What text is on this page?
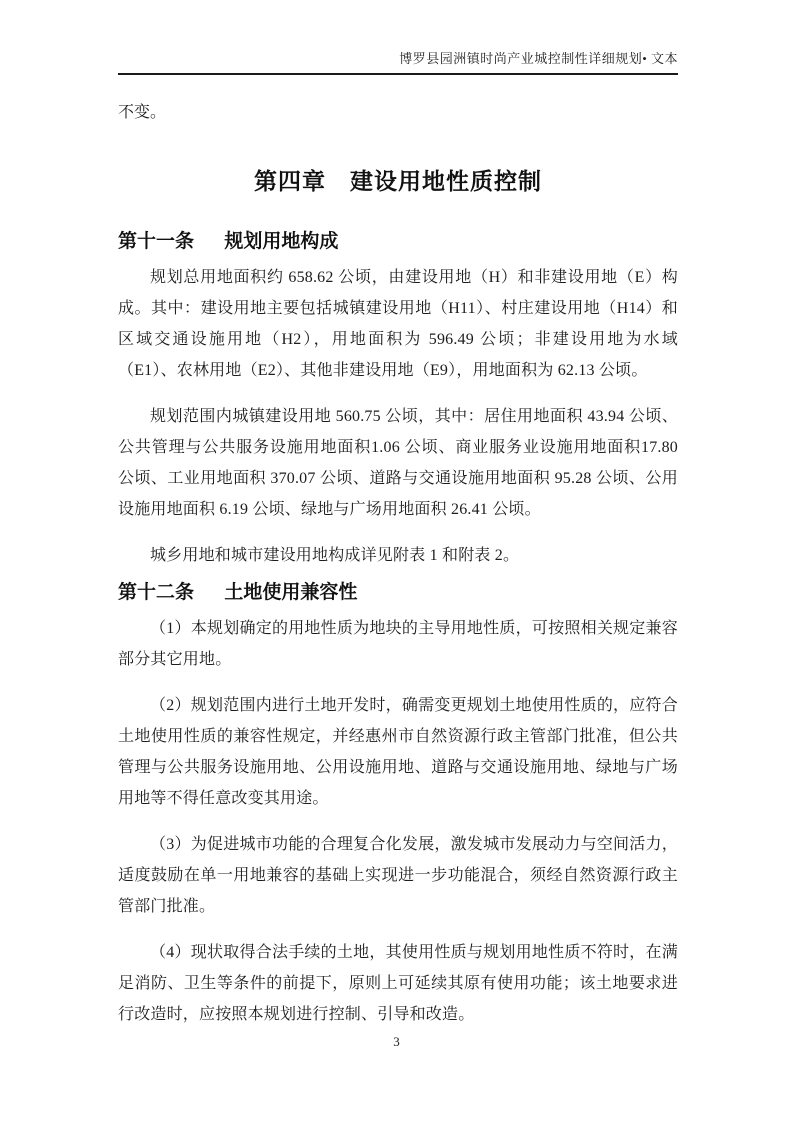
博罗县园洲镇时尚产业城控制性详细规划• 文本

不变。

第四章　建设用地性质控制
第十一条 规划用地构成

规划总用地面积约 658.62 公顷，由建设用地（H）和非建设用地（E）构成。其中：建设用地主要包括城镇建设用地（H11）、村庄建设用地（H14）和区域交通设施用地（H2），用地面积为 596.49 公顷；非建设用地为水域（E1）、农林用地（E2）、其他非建设用地（E9），用地面积为 62.13 公顷。

规划范围内城镇建设用地 560.75 公顷，其中：居住用地面积 43.94 公顷、公共管理与公共服务设施用地面积1.06 公顷、商业服务业设施用地面积17.80 公顷、工业用地面积 370.07 公顷、道路与交通设施用地面积 95.28 公顷、公用设施用地面积 6.19 公顷、绿地与广场用地面积 26.41 公顷。

城乡用地和城市建设用地构成详见附表 1 和附表 2。

第十二条 土地使用兼容性

（1）本规划确定的用地性质为地块的主导用地性质，可按照相关规定兼容部分其它用地。

（2）规划范围内进行土地开发时，确需变更规划土地使用性质的，应符合土地使用性质的兼容性规定，并经惠州市自然资源行政主管部门批准，但公共管理与公共服务设施用地、公用设施用地、道路与交通设施用地、绿地与广场用地等不得任意改变其用途。

（3）为促进城市功能的合理复合化发展，激发城市发展动力与空间活力，适度鼓励在单一用地兼容的基础上实现进一步功能混合，须经自然资源行政主管部门批准。

（4）现状取得合法手续的土地，其使用性质与规划用地性质不符时，在满足消防、卫生等条件的前提下，原则上可延续其原有使用功能；该土地要求进行改造时，应按照本规划进行控制、引导和改造。

3
